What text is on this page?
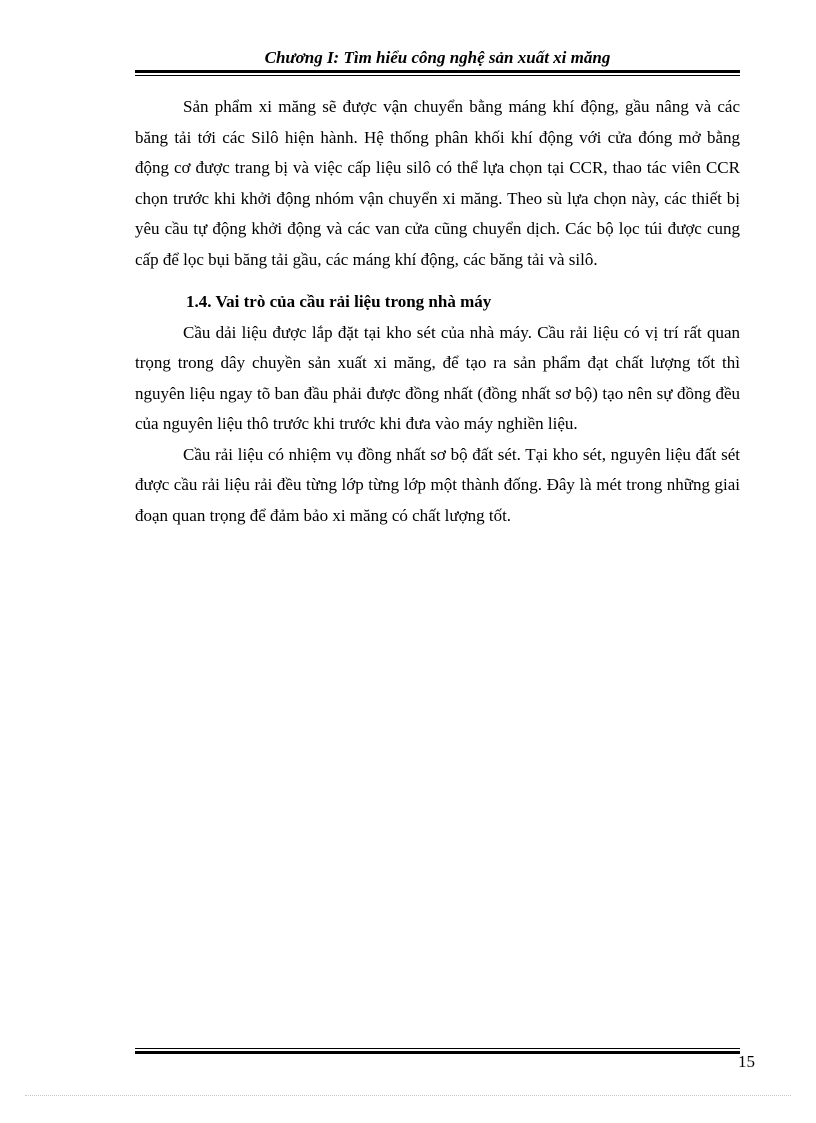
Chương I: Tìm hiểu công nghệ sản xuất xi măng

Sản phẩm xi măng sẽ được vận chuyển bằng máng khí động, gầu nâng và các băng tải tới các Silô hiện hành. Hệ thống phân khối khí động với cửa đóng mở bằng động cơ được trang bị và việc cấp liệu silô có thể lựa chọn tại CCR, thao tác viên CCR chọn trước khi khởi động nhóm vận chuyển xi măng. Theo sù lựa chọn này, các thiết bị yêu cầu tự động khởi động và các van cửa cũng chuyển dịch. Các bộ lọc túi được cung cấp để lọc bụi băng tải gầu, các máng khí động, các băng tải và silô.

1.4. Vai trò của cầu rải liệu trong nhà máy

Cầu dải liệu được lắp đặt tại kho sét của nhà máy. Cầu rải liệu có vị trí rất quan trọng trong dây chuyền sản xuất xi măng, để tạo ra sản phẩm đạt chất lượng tốt thì nguyên liệu ngay tõ ban đầu phải được đồng nhất (đồng nhất sơ bộ) tạo nên sự đồng đều của nguyên liệu thô trước khi trước khi đưa vào máy nghiền liệu.

Cầu rải liệu có nhiệm vụ đồng nhất sơ bộ đất sét. Tại kho sét, nguyên liệu đất sét được cầu rải liệu rải đều từng lớp từng lớp một thành đống. Đây là mét trong những giai đoạn quan trọng để đảm bảo xi măng có chất lượng tốt.

15
